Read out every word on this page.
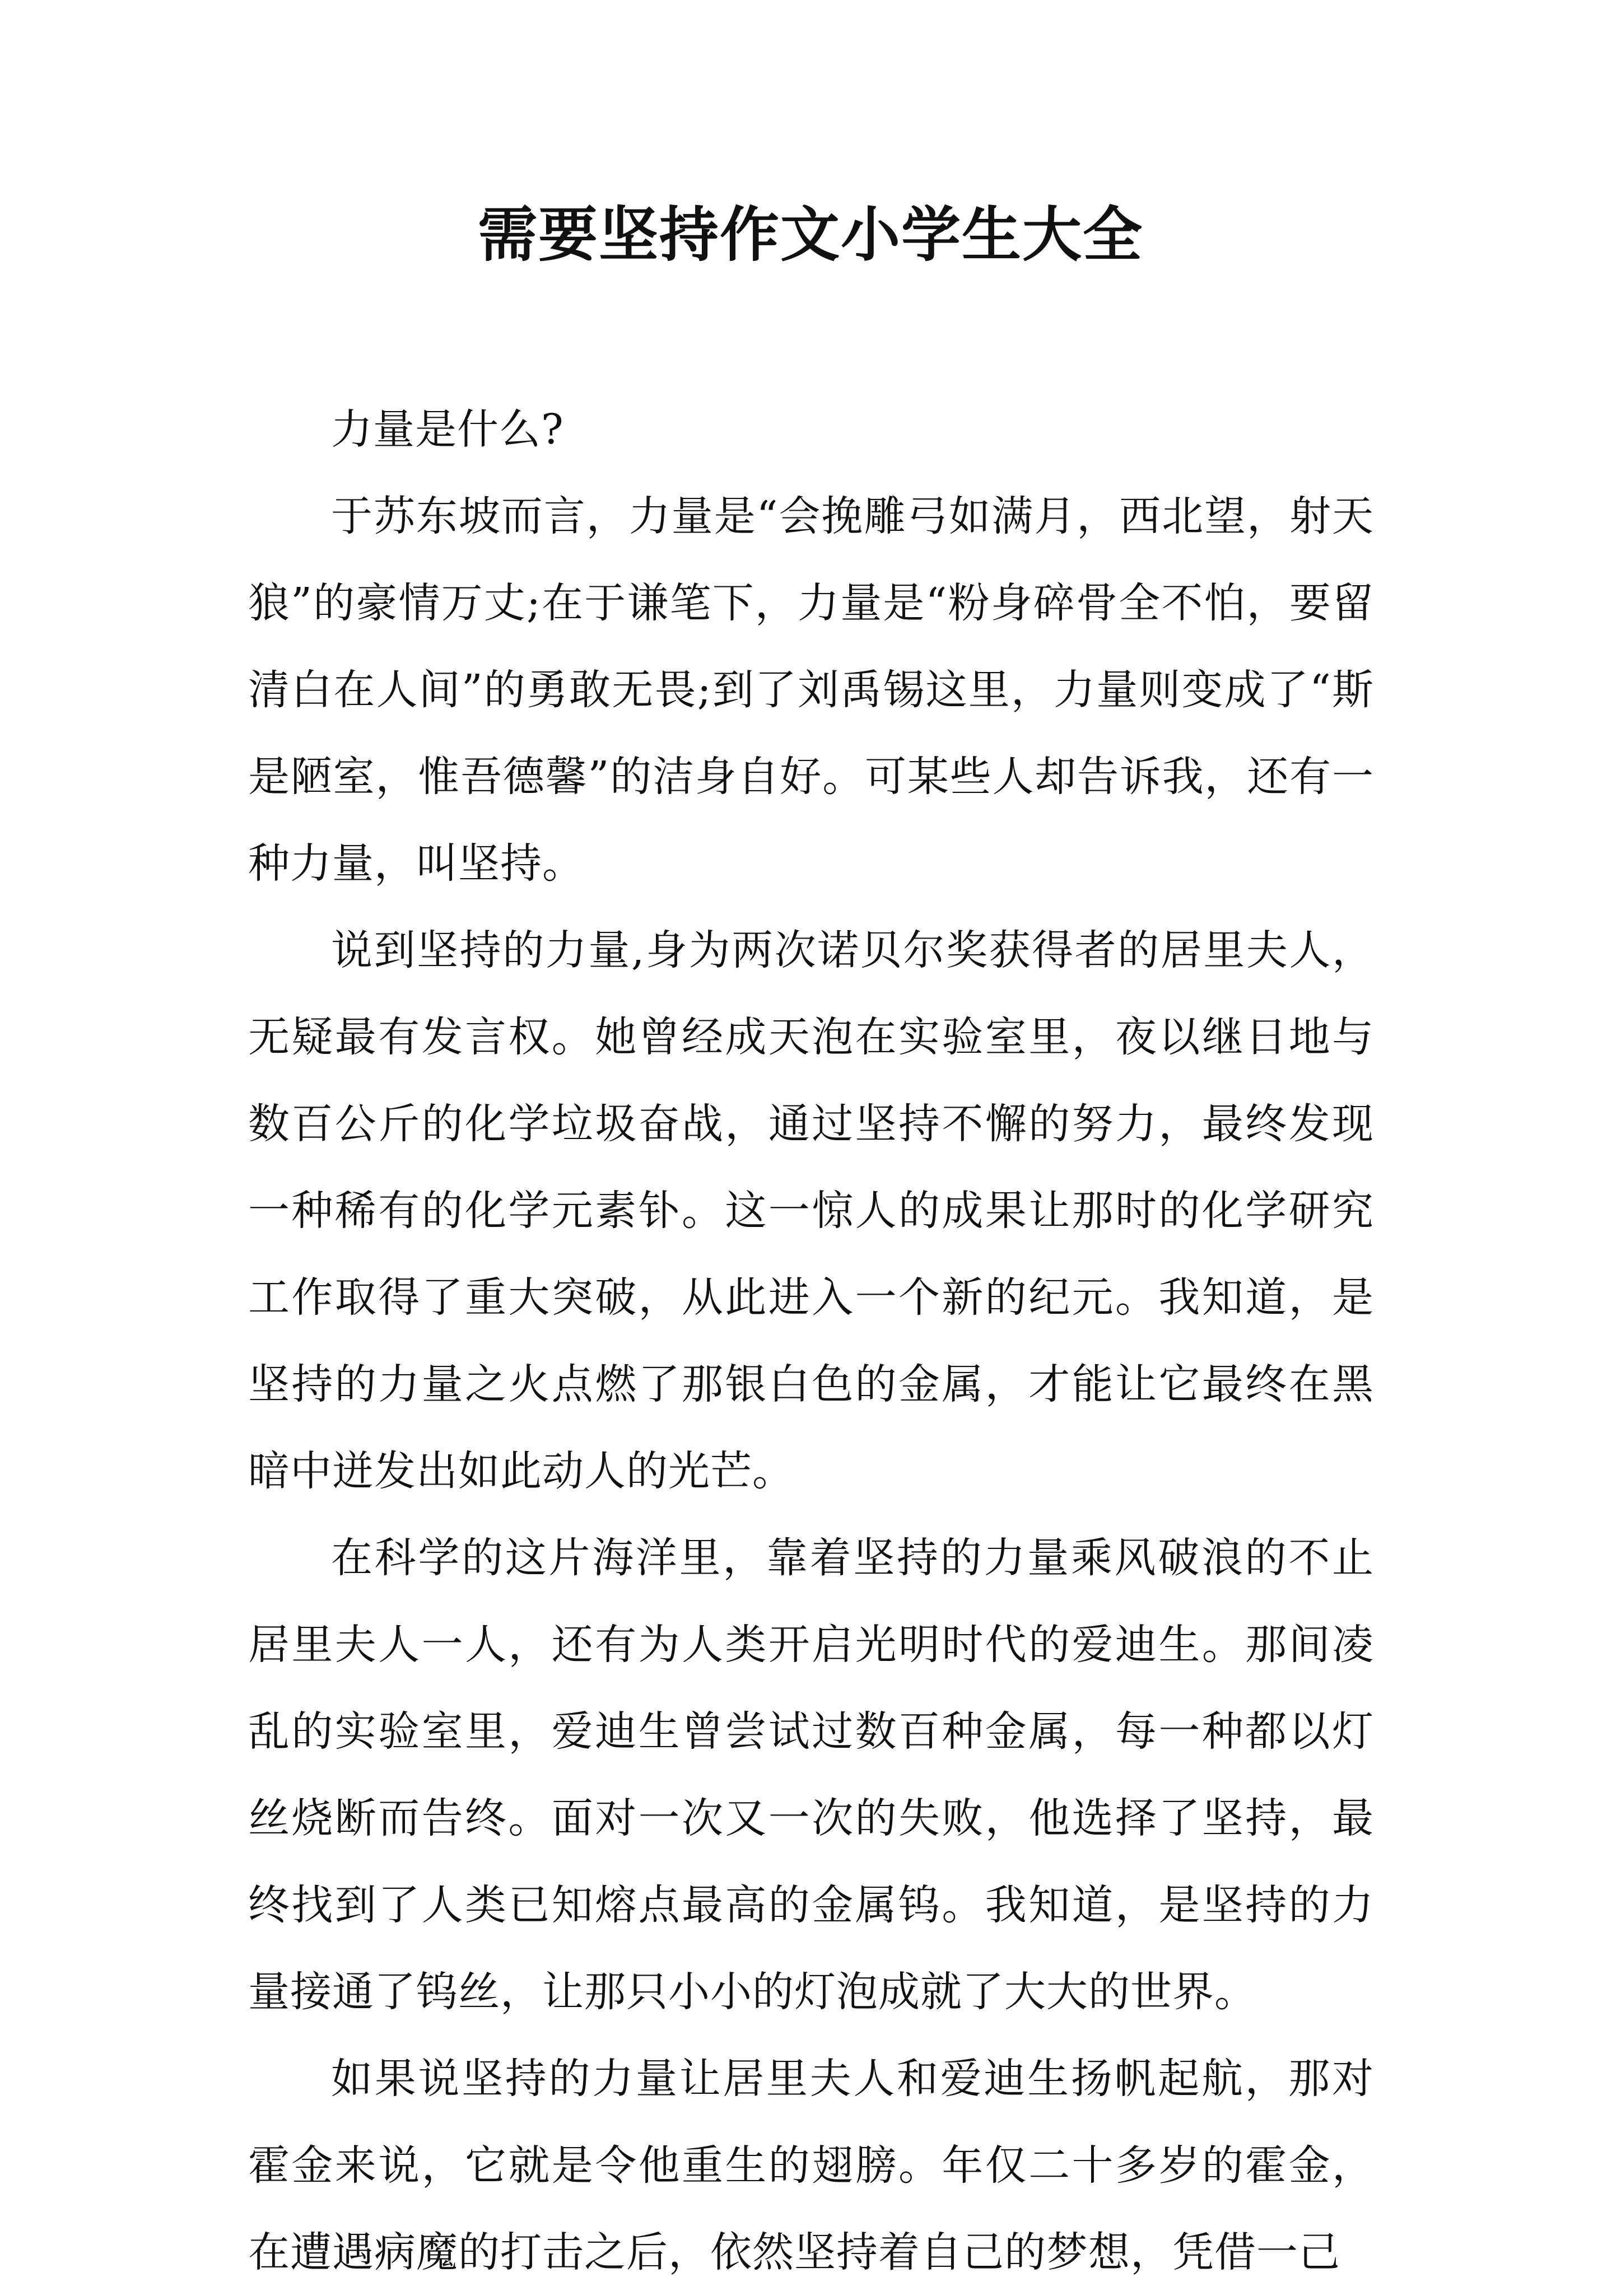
需要坚持作文小学生大全

力量是什么?

于苏东坡而言，力量是“会挽雕弓如满月，西北望，射天狼”的豪情万丈;在于谦笔下，力量是“粉身碎骨全不怕，要留清白在人间”的勇敢无畏;到了刘禹锡这里，力量则变成了“斯是陋室，惟吾德馨”的洁身自好。可某些人却告诉我，还有一种力量，叫坚持。

说到坚持的力量,身为两次诺贝尔奖获得者的居里夫人，无疑最有发言权。她曾经成天泡在实验室里，夜以继日地与数百公斤的化学垃圾奋战，通过坚持不懈的努力，最终发现一种稀有的化学元素钋。这一惊人的成果让那时的化学研究工作取得了重大突破，从此进入一个新的纪元。我知道，是坚持的力量之火点燃了那银白色的金属，才能让它最终在黑暗中迸发出如此动人的光芒。

在科学的这片海洋里，靠着坚持的力量乘风破浪的不止居里夫人一人，还有为人类开启光明时代的爱迪生。那间凌乱的实验室里，爱迪生曾尝试过数百种金属，每一种都以灯丝烧断而告终。面对一次又一次的失败，他选择了坚持，最终找到了人类已知熔点最高的金属钨。我知道，是坚持的力量接通了钨丝，让那只小小的灯泡成就了大大的世界。

如果说坚持的力量让居里夫人和爱迪生扬帆起航，那对霍金来说，它就是令他重生的翅膀。年仅二十多岁的霍金，在遭遇病魔的打击之后，依然坚持着自己的梦想，凭借一己
